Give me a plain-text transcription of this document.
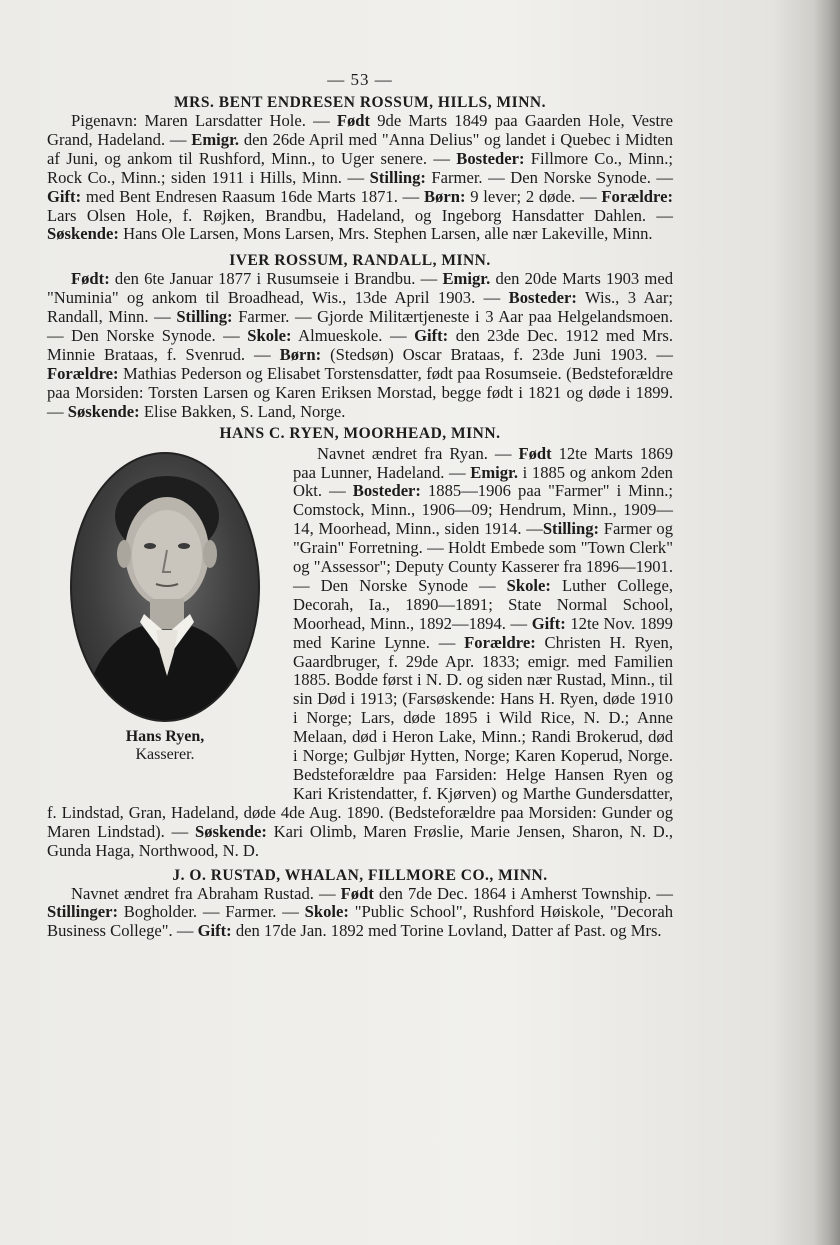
— 53 —
MRS. BENT ENDRESEN ROSSUM, HILLS, MINN.

Pigenavn: Maren Larsdatter Hole. — Født 9de Marts 1849 paa Gaarden Hole, Vestre Grand, Hadeland. — Emigr. den 26de April med "Anna Delius" og landet i Quebec i Midten af Juni, og ankom til Rushford, Minn., to Uger senere. — Bosteder: Fillmore Co., Minn.; Rock Co., Minn.; siden 1911 i Hills, Minn. — Stilling: Farmer. — Den Norske Synode. — Gift: med Bent Endresen Raasum 16de Marts 1871. — Børn: 9 lever; 2 døde. — Forældre: Lars Olsen Hole, f. Røjken, Brandbu, Hadeland, og Ingeborg Hansdatter Dahlen. — Søskende: Hans Ole Larsen, Mons Larsen, Mrs. Stephen Larsen, alle nær Lakeville, Minn.

IVER ROSSUM, RANDALL, MINN.

Født: den 6te Januar 1877 i Rusumseie i Brandbu. — Emigr. den 20de Marts 1903 med "Numinia" og ankom til Broadhead, Wis., 13de April 1903. — Bosteder: Wis., 3 Aar; Randall, Minn. — Stilling: Farmer. — Gjorde Militærtjeneste i 3 Aar paa Helgelandsmoen. — Den Norske Synode. — Skole: Almueskole. — Gift: den 23de Dec. 1912 med Mrs. Minnie Brataas, f. Svenrud. — Børn: (Stedsøn) Oscar Brataas, f. 23de Juni 1903. — Forældre: Mathias Pederson og Elisabet Torstensdatter, født paa Rosumseie. (Bedsteforældre paa Morsiden: Torsten Larsen og Karen Eriksen Morstad, begge født i 1821 og døde i 1899. — Søskende: Elise Bakken, S. Land, Norge.

HANS C. RYEN, MOORHEAD, MINN.
Hans Ryen,
Kasserer.

Navnet ændret fra Ryan. — Født 12te Marts 1869 paa Lunner, Hadeland. — Emigr. i 1885 og ankom 2den Okt. — Bosteder: 1885—1906 paa "Farmer" i Minn.; Comstock, Minn., 1906—09; Hendrum, Minn., 1909—14, Moorhead, Minn., siden 1914. —Stilling: Farmer og "Grain" Forretning. — Holdt Embede som "Town Clerk" og "Assessor"; Deputy County Kasserer fra 1896—1901. — Den Norske Synode — Skole: Luther College, Decorah, Ia., 1890—1891; State Normal School, Moorhead, Minn., 1892—1894. — Gift: 12te Nov. 1899 med Karine Lynne. — Forældre: Christen H. Ryen, Gaardbruger, f. 29de Apr. 1833; emigr. med Familien 1885. Bodde først i N. D. og siden nær Rustad, Minn., til sin Død i 1913; (Farsøskende: Hans H. Ryen, døde 1910 i Norge; Lars, døde 1895 i Wild Rice, N. D.; Anne Melaan, død i Heron Lake, Minn.; Randi Brokerud, død i Norge; Gulbjør Hytten, Norge; Karen Koperud, Norge. Bedsteforældre paa Farsiden: Helge Hansen Ryen og Kari Kristendatter, f. Kjørven) og Marthe Gundersdatter, f. Lindstad, Gran, Hadeland, døde 4de Aug. 1890. (Bedsteforældre paa Morsiden: Gunder og Maren Lindstad). — Søskende: Kari Olimb, Maren Frøslie, Marie Jensen, Sharon, N. D., Gunda Haga, Northwood, N. D.

J. O. RUSTAD, WHALAN, FILLMORE CO., MINN.

Navnet ændret fra Abraham Rustad. — Født den 7de Dec. 1864 i Amherst Township. — Stillinger: Bogholder. — Farmer. — Skole: "Public School", Rushford Høiskole, "Decorah Business College". — Gift: den 17de Jan. 1892 med Torine Lovland, Datter af Past. og Mrs.
